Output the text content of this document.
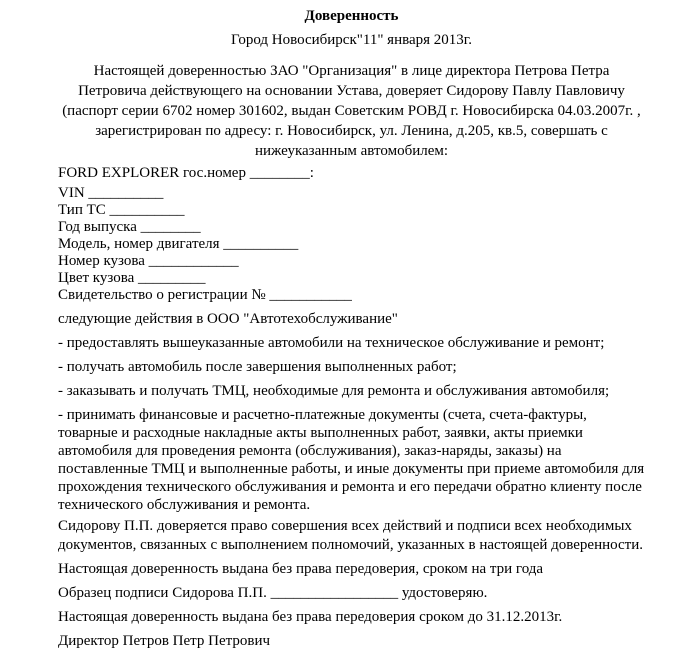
Доверенность

Город Новосибирск"11" января 2013г.

Настоящей доверенностью ЗАО "Организация" в лице директора Петрова Петра Петровича действующего на основании Устава, доверяет Сидорову Павлу Павловичу (паспорт серии 6702 номер 301602, выдан Советским РОВД г. Новосибирска 04.03.2007г. , зарегистрирован по адресу: г. Новосибирск, ул. Ленина, д.205, кв.5, совершать с нижеуказанным автомобилем:

FORD EXPLORER гос.номер ________:

VIN __________

Тип ТС __________

Год выпуска ________

Модель, номер двигателя __________

Номер кузова ____________

Цвет кузова _________

Свидетельство о регистрации № ___________

следующие действия в ООО "Автотехобслуживание"

- предоставлять вышеуказанные автомобили на техническое обслуживание и ремонт;

- получать автомобиль после завершения выполненных работ;

- заказывать и получать ТМЦ, необходимые для ремонта и обслуживания автомобиля;

- принимать финансовые и расчетно-платежные документы (счета, счета-фактуры, товарные и расходные накладные акты выполненных работ, заявки, акты приемки автомобиля для проведения ремонта (обслуживания), заказ-наряды, заказы) на поставленные ТМЦ и выполненные работы, и иные документы при приеме автомобиля для прохождения технического обслуживания и ремонта и его передачи обратно клиенту после технического обслуживания и ремонта.

Сидорову П.П. доверяется право совершения всех действий и подписи всех необходимых документов, связанных с выполнением полномочий, указанных в настоящей доверенности.

Настоящая доверенность выдана без права передоверия, сроком на три года

Образец подписи Сидорова П.П. _________________ удостоверяю.

Настоящая доверенность выдана без права передоверия сроком до 31.12.2013г.

Директор Петров Петр Петрович
